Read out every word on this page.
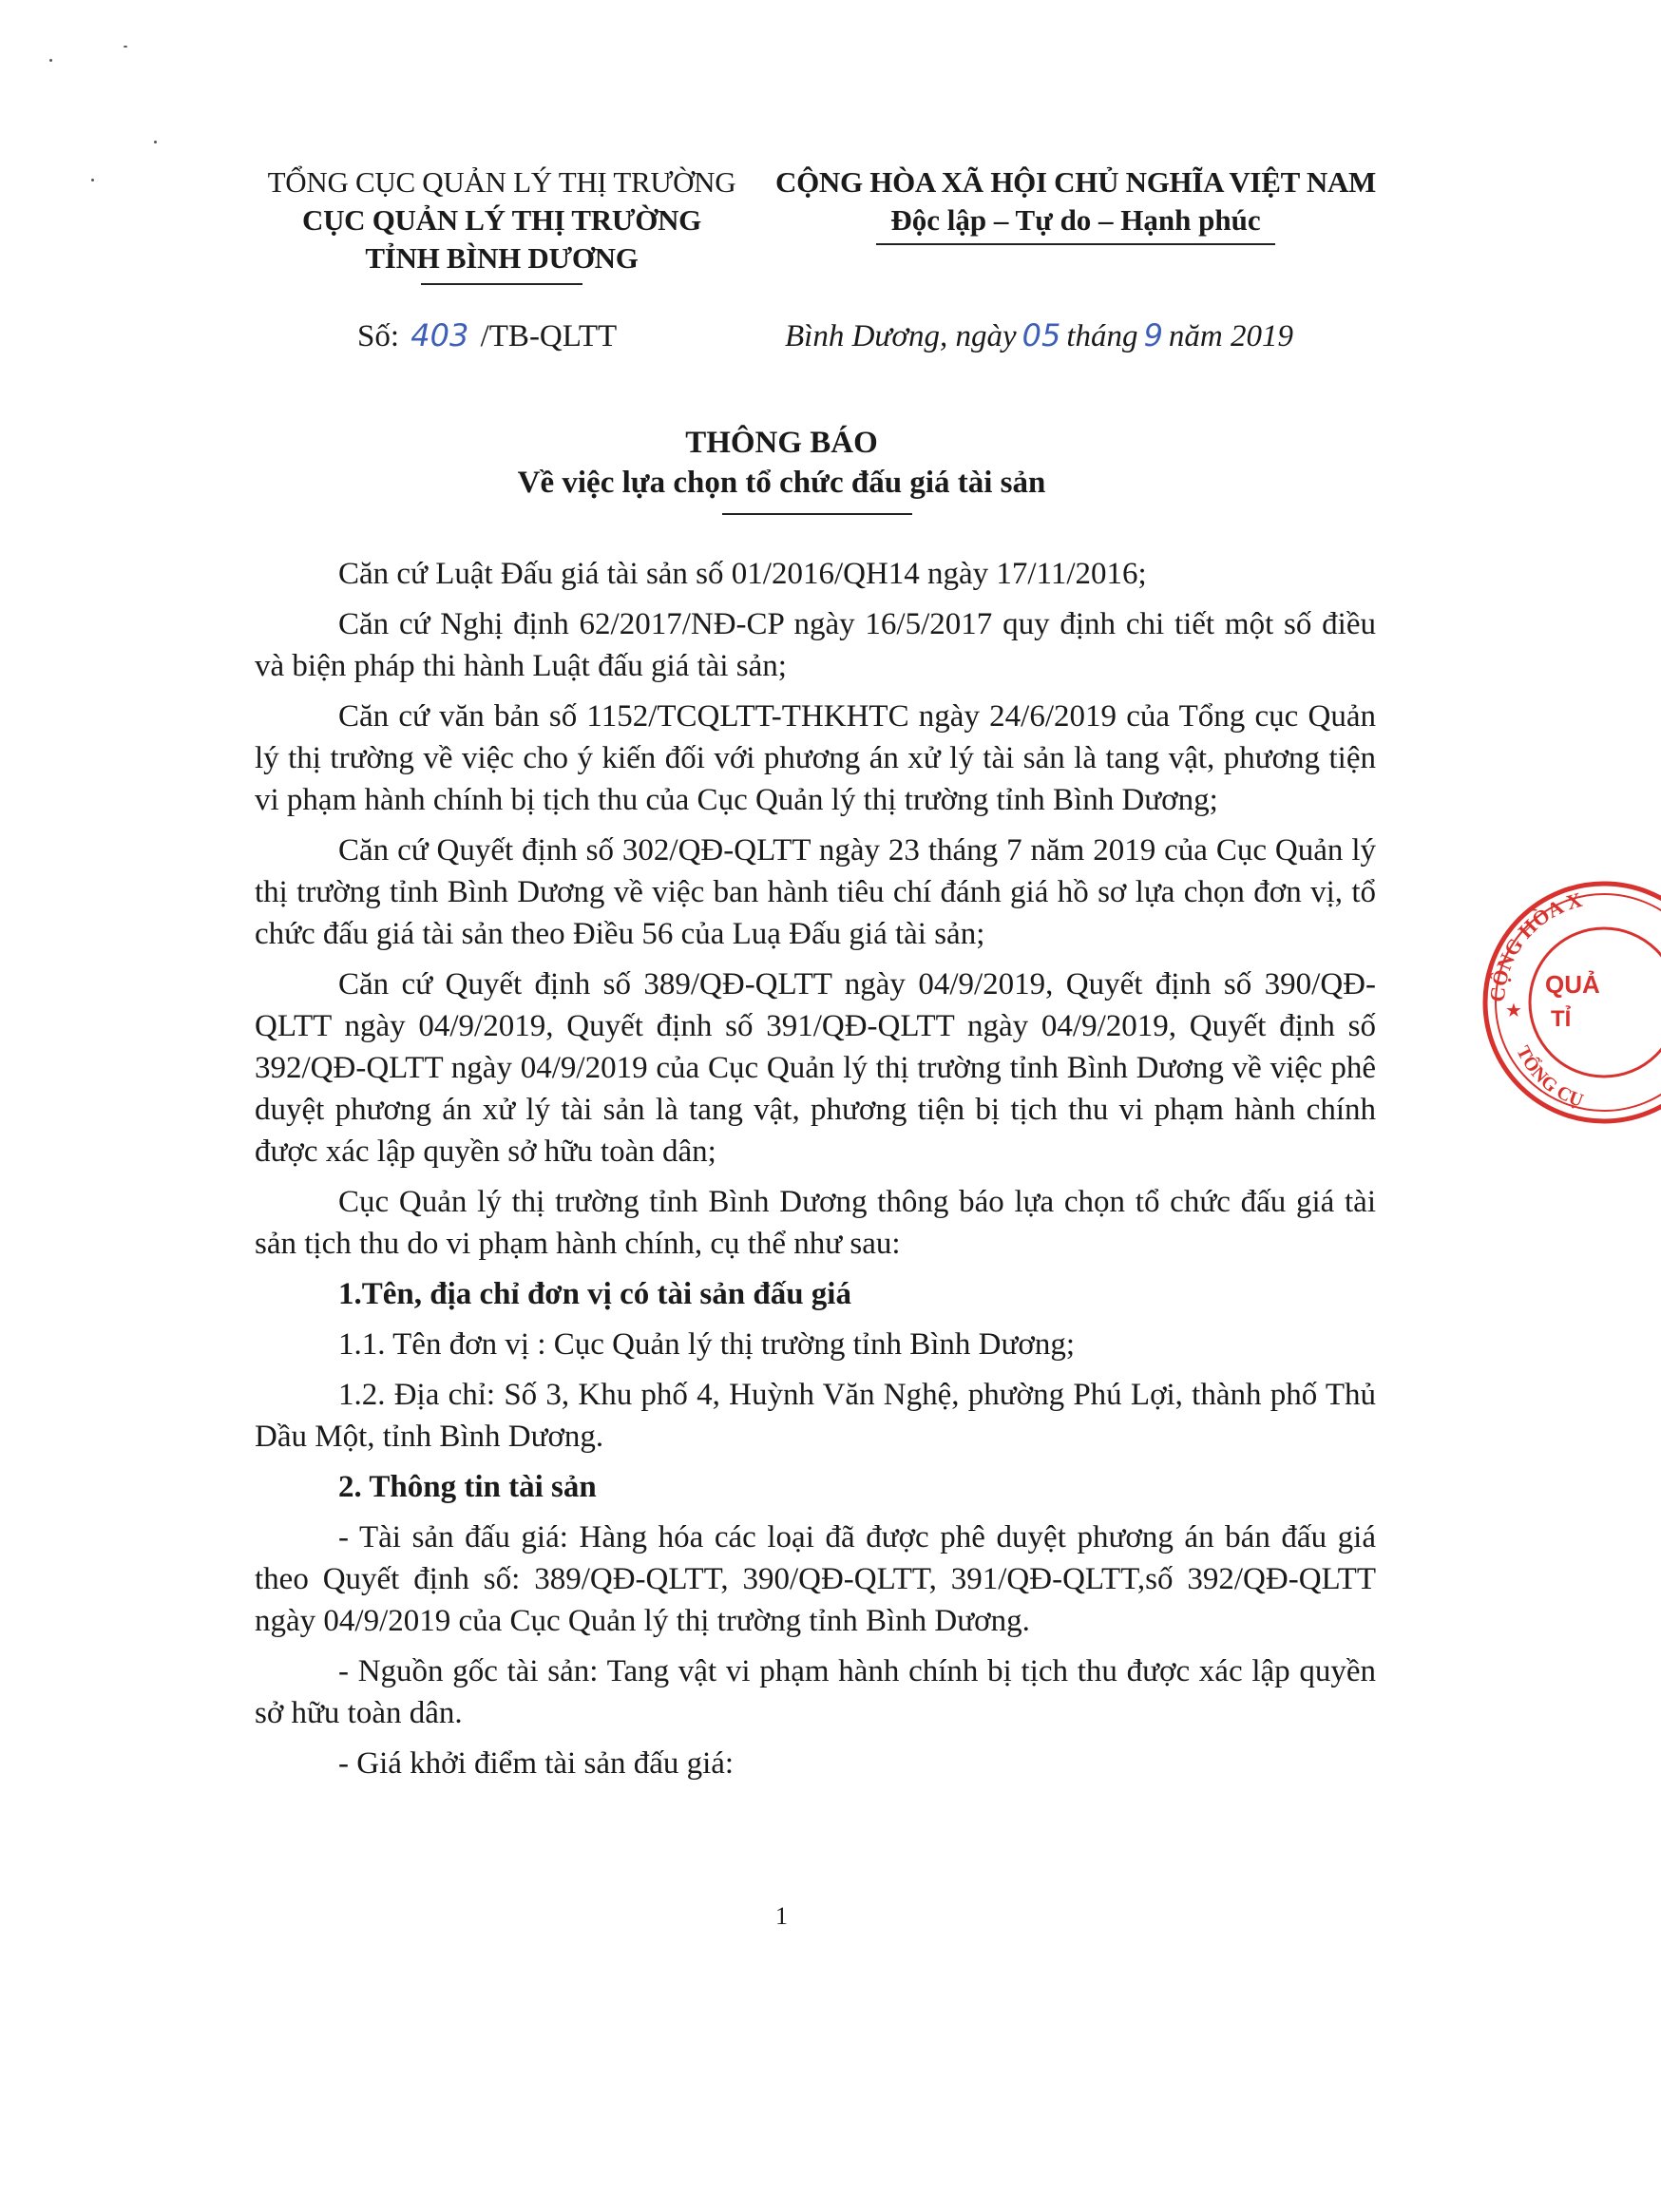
TỔNG CỤC QUẢN LÝ THỊ TRƯỜNG
CỤC QUẢN LÝ THỊ TRƯỜNG
TỈNH BÌNH DƯƠNG
CỘNG HÒA XÃ HỘI CHỦ NGHĨA VIỆT NAM
Độc lập – Tự do – Hạnh phúc
Số: 403 /TB-QLTT	Bình Dương, ngày 05 tháng 9 năm 2019
THÔNG BÁO
Về việc lựa chọn tổ chức đấu giá tài sản

Căn cứ Luật Đấu giá tài sản số 01/2016/QH14 ngày 17/11/2016;

Căn cứ Nghị định 62/2017/NĐ-CP ngày 16/5/2017 quy định chi tiết một số điều và biện pháp thi hành Luật đấu giá tài sản;

Căn cứ văn bản số 1152/TCQLTT-THKHTC ngày 24/6/2019 của Tổng cục Quản lý thị trường về việc cho ý kiến đối với phương án xử lý tài sản là tang vật, phương tiện vi phạm hành chính bị tịch thu của Cục Quản lý thị trường tỉnh Bình Dương;

Căn cứ Quyết định số 302/QĐ-QLTT ngày 23 tháng 7 năm 2019 của Cục Quản lý thị trường tỉnh Bình Dương về việc ban hành tiêu chí đánh giá hồ sơ lựa chọn đơn vị, tổ chức đấu giá tài sản theo Điều 56 của Luạ Đấu giá tài sản;

Căn cứ Quyết định số 389/QĐ-QLTT ngày 04/9/2019, Quyết định số 390/QĐ-QLTT ngày 04/9/2019, Quyết định số 391/QĐ-QLTT ngày 04/9/2019, Quyết định số 392/QĐ-QLTT ngày 04/9/2019 của Cục Quản lý thị trường tỉnh Bình Dương về việc phê duyệt phương án xử lý tài sản là tang vật, phương tiện bị tịch thu vi phạm hành chính được xác lập quyền sở hữu toàn dân;

Cục Quản lý thị trường tỉnh Bình Dương thông báo lựa chọn tổ chức đấu giá tài sản tịch thu do vi phạm hành chính, cụ thể như sau:

1.Tên, địa chỉ đơn vị có tài sản đấu giá

1.1. Tên đơn vị : Cục Quản lý thị trường tỉnh Bình Dương;

1.2. Địa chỉ: Số 3, Khu phố 4, Huỳnh Văn Nghệ, phường Phú Lợi, thành phố Thủ Dầu Một, tỉnh Bình Dương.

2. Thông tin tài sản

- Tài sản đấu giá: Hàng hóa các loại đã được phê duyệt phương án bán đấu giá theo Quyết định số: 389/QĐ-QLTT, 390/QĐ-QLTT, 391/QĐ-QLTT,số 392/QĐ-QLTT ngày 04/9/2019 của Cục Quản lý thị trường tỉnh Bình Dương.

- Nguồn gốc tài sản: Tang vật vi phạm hành chính bị tịch thu được xác lập quyền sở hữu toàn dân.

- Giá khởi điểm tài sản đấu giá:

1
CỘNG HÒA X
TỔNG CỤ
★
QUẢ
TỈ
